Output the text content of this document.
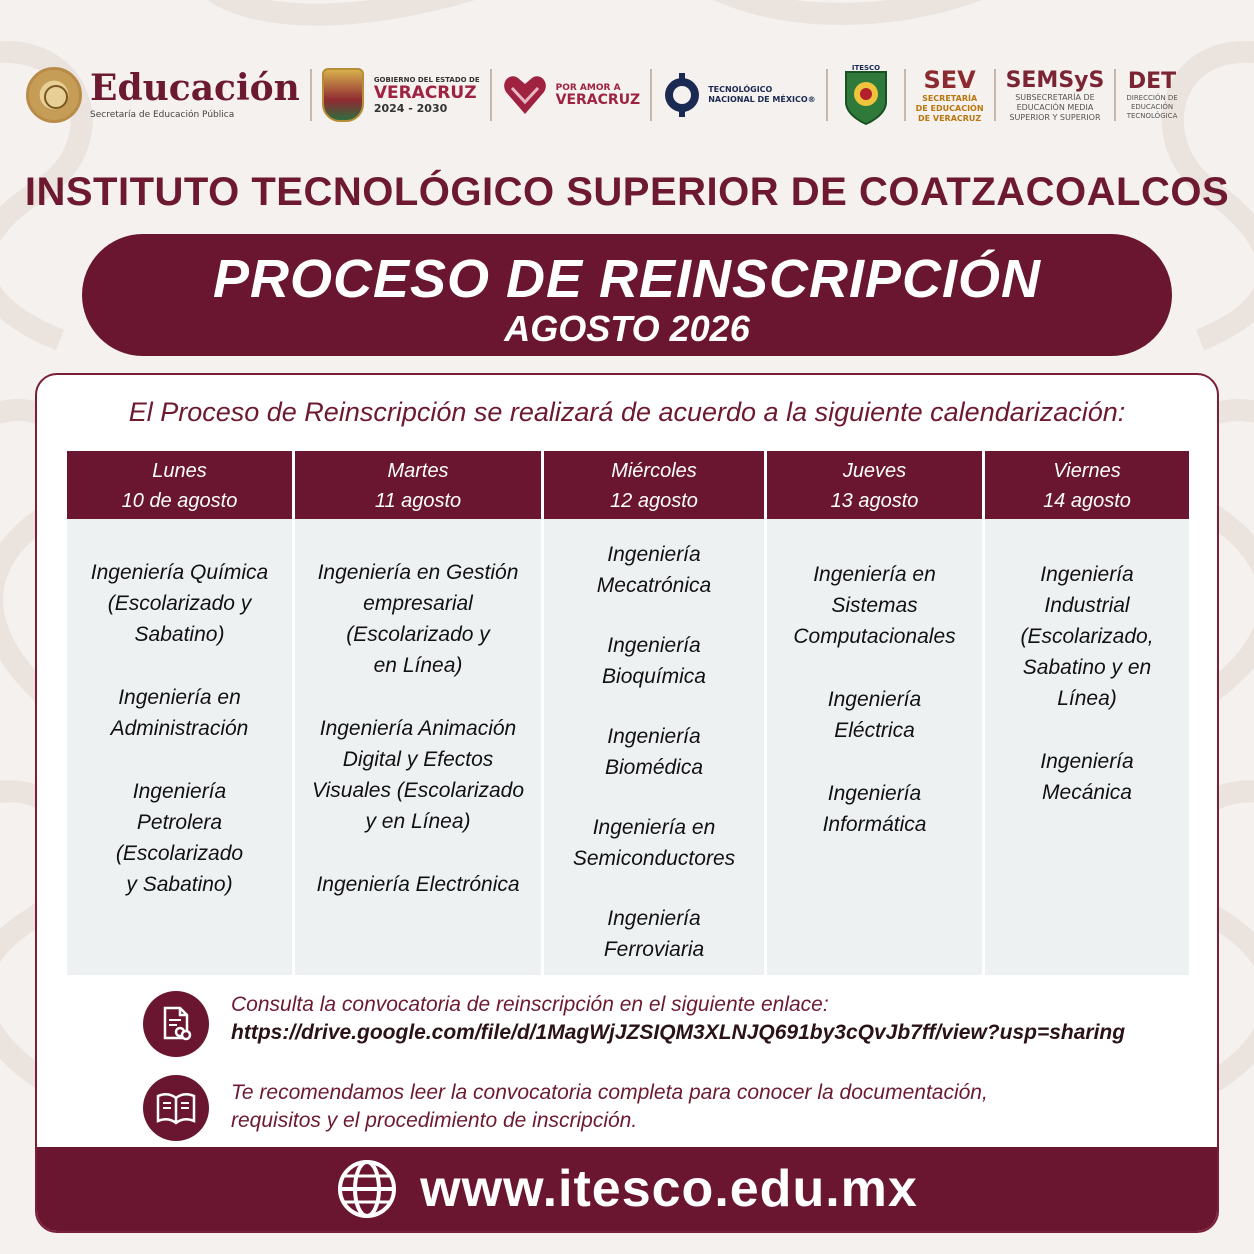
Educación
Secretaría de Educación Pública
GOBIERNO DEL ESTADO DE
VERACRUZ
2024 - 2030
POR AMOR A
VERACRUZ
TECNOLÓGICO
NACIONAL DE MÉXICO®
ITESCO SEV
SECRETARÍA
DE EDUCACIÓN
DE VERACRUZ
SEMSyS
SUBSECRETARÍA DE
EDUCACIÓN MEDIA
SUPERIOR Y SUPERIOR
DET
DIRECCIÓN DE
EDUCACIÓN
TECNOLÓGICA
INSTITUTO TECNOLÓGICO SUPERIOR DE COATZACOALCOS
PROCESO DE REINSCRIPCIÓN
AGOSTO 2026
El Proceso de Reinscripción se realizará de acuerdo a la siguiente calendarización:
Lunes
10 de agosto
Ingeniería Química
(Escolarizado y
Sabatino)
Ingeniería en
Administración
Ingeniería
Petrolera
(Escolarizado
y Sabatino)
Martes
11 agosto
Ingeniería en Gestión
empresarial
(Escolarizado y
en Línea)
Ingeniería Animación
Digital y Efectos
Visuales (Escolarizado
y en Línea)
Ingeniería Electrónica
Miércoles
12 agosto
Ingeniería
Mecatrónica
Ingeniería
Bioquímica
Ingeniería
Biomédica
Ingeniería en
Semiconductores
Ingeniería
Ferroviaria
Jueves
13 agosto
Ingeniería en
Sistemas
Computacionales
Ingeniería
Eléctrica
Ingeniería
Informática
Viernes
14 agosto
Ingeniería
Industrial
(Escolarizado,
Sabatino y en
Línea)
Ingeniería
Mecánica
Consulta la convocatoria de reinscripción en el siguiente enlace:
https://drive.google.com/file/d/1MagWjJZSIQM3XLNJQ691by3cQvJb7ff/view?usp=sharing
Te recomendamos leer la convocatoria completa para conocer la documentación,
requisitos y el procedimiento de inscripción.
www.itesco.edu.mx
